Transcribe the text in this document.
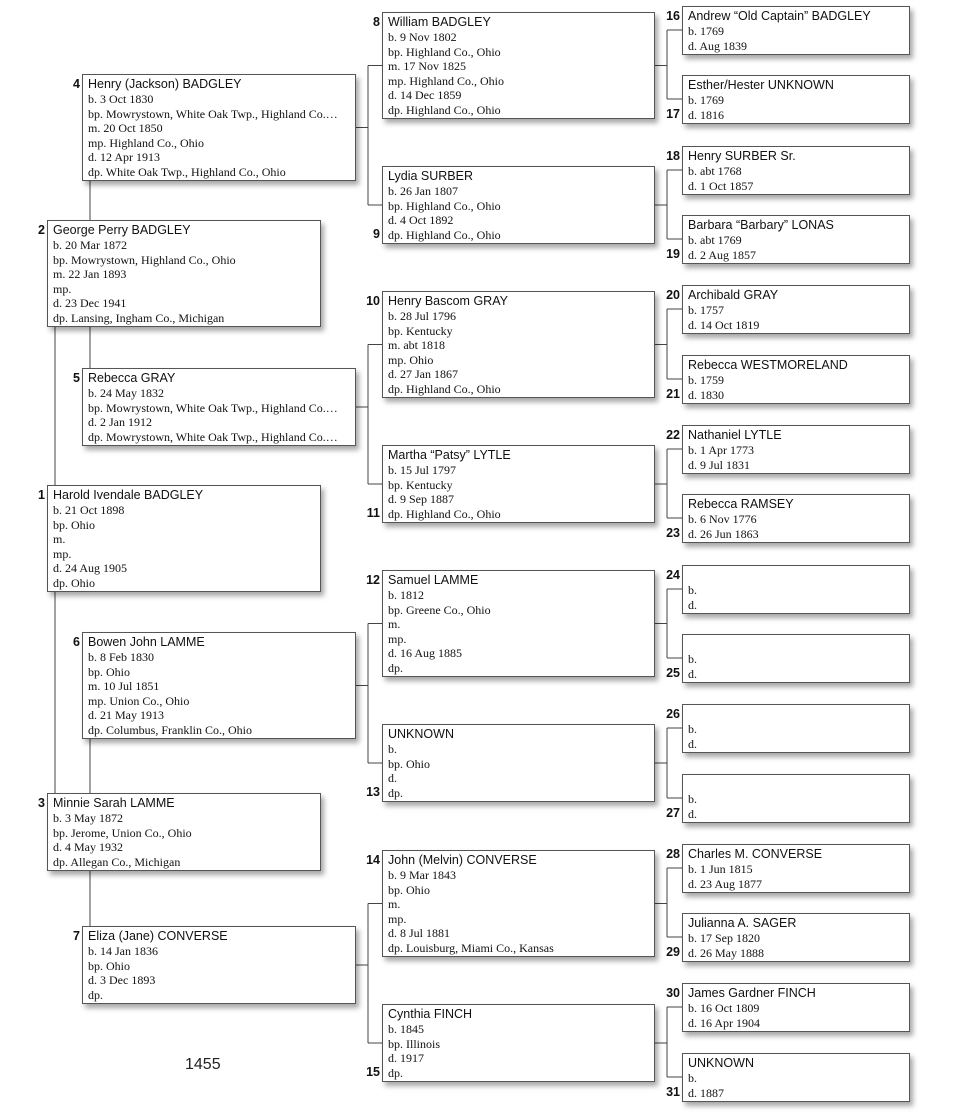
Harold Ivendale BADGLEY
b. 21 Oct 1898
bp. Ohio
m.
mp.
d. 24 Aug 1905
dp. Ohio
1
George Perry BADGLEY
b. 20 Mar 1872
bp. Mowrystown, Highland Co., Ohio
m. 22 Jan 1893
mp.
d. 23 Dec 1941
dp. Lansing, Ingham Co., Michigan
2
Minnie Sarah LAMME
b. 3 May 1872
bp. Jerome, Union Co., Ohio
d. 4 May 1932
dp. Allegan Co., Michigan
3
Henry (Jackson) BADGLEY
b. 3 Oct 1830
bp. Mowrystown, White Oak Twp., Highland Co.…
m. 20 Oct 1850
mp. Highland Co., Ohio
d. 12 Apr 1913
dp. White Oak Twp., Highland Co., Ohio
4
Rebecca GRAY
b. 24 May 1832
bp. Mowrystown, White Oak Twp., Highland Co.…
d. 2 Jan 1912
dp. Mowrystown, White Oak Twp., Highland Co.…
5
Bowen John LAMME
b. 8 Feb 1830
bp. Ohio
m. 10 Jul 1851
mp. Union Co., Ohio
d. 21 May 1913
dp. Columbus, Franklin Co., Ohio
6
Eliza (Jane) CONVERSE
b. 14 Jan 1836
bp. Ohio
d. 3 Dec 1893
dp.
7
William BADGLEY
b. 9 Nov 1802
bp. Highland Co., Ohio
m. 17 Nov 1825
mp. Highland Co., Ohio
d. 14 Dec 1859
dp. Highland Co., Ohio
8
Lydia SURBER
b. 26 Jan 1807
bp. Highland Co., Ohio
d. 4 Oct 1892
dp. Highland Co., Ohio
9
Henry Bascom GRAY
b. 28 Jul 1796
bp. Kentucky
m. abt 1818
mp. Ohio
d. 27 Jan 1867
dp. Highland Co., Ohio
10
Martha “Patsy” LYTLE
b. 15 Jul 1797
bp. Kentucky
d. 9 Sep 1887
dp. Highland Co., Ohio
11
Samuel LAMME
b. 1812
bp. Greene Co., Ohio
m.
mp.
d. 16 Aug 1885
dp.
12
UNKNOWN
b.
bp. Ohio
d.
dp.
13
John (Melvin) CONVERSE
b. 9 Mar 1843
bp. Ohio
m.
mp.
d. 8 Jul 1881
dp. Louisburg, Miami Co., Kansas
14
Cynthia FINCH
b. 1845
bp. Illinois
d. 1917
dp.
15
Andrew “Old Captain” BADGLEY
b. 1769
d. Aug 1839
16
Esther/Hester UNKNOWN
b. 1769
d. 1816
17
Henry SURBER Sr.
b. abt 1768
d. 1 Oct 1857
18
Barbara “Barbary” LONAS
b. abt 1769
d. 2 Aug 1857
19
Archibald GRAY
b. 1757
d. 14 Oct 1819
20
Rebecca WESTMORELAND
b. 1759
d. 1830
21
Nathaniel LYTLE
b. 1 Apr 1773
d. 9 Jul 1831
22
Rebecca RAMSEY
b. 6 Nov 1776
d. 26 Jun 1863
23
b.
d.
24
b.
d.
25
b.
d.
26
b.
d.
27
Charles M. CONVERSE
b. 1 Jun 1815
d. 23 Aug 1877
28
Julianna A. SAGER
b. 17 Sep 1820
d. 26 May 1888
29
James Gardner FINCH
b. 16 Oct 1809
d. 16 Apr 1904
30
UNKNOWN
b.
d. 1887
31
1455
